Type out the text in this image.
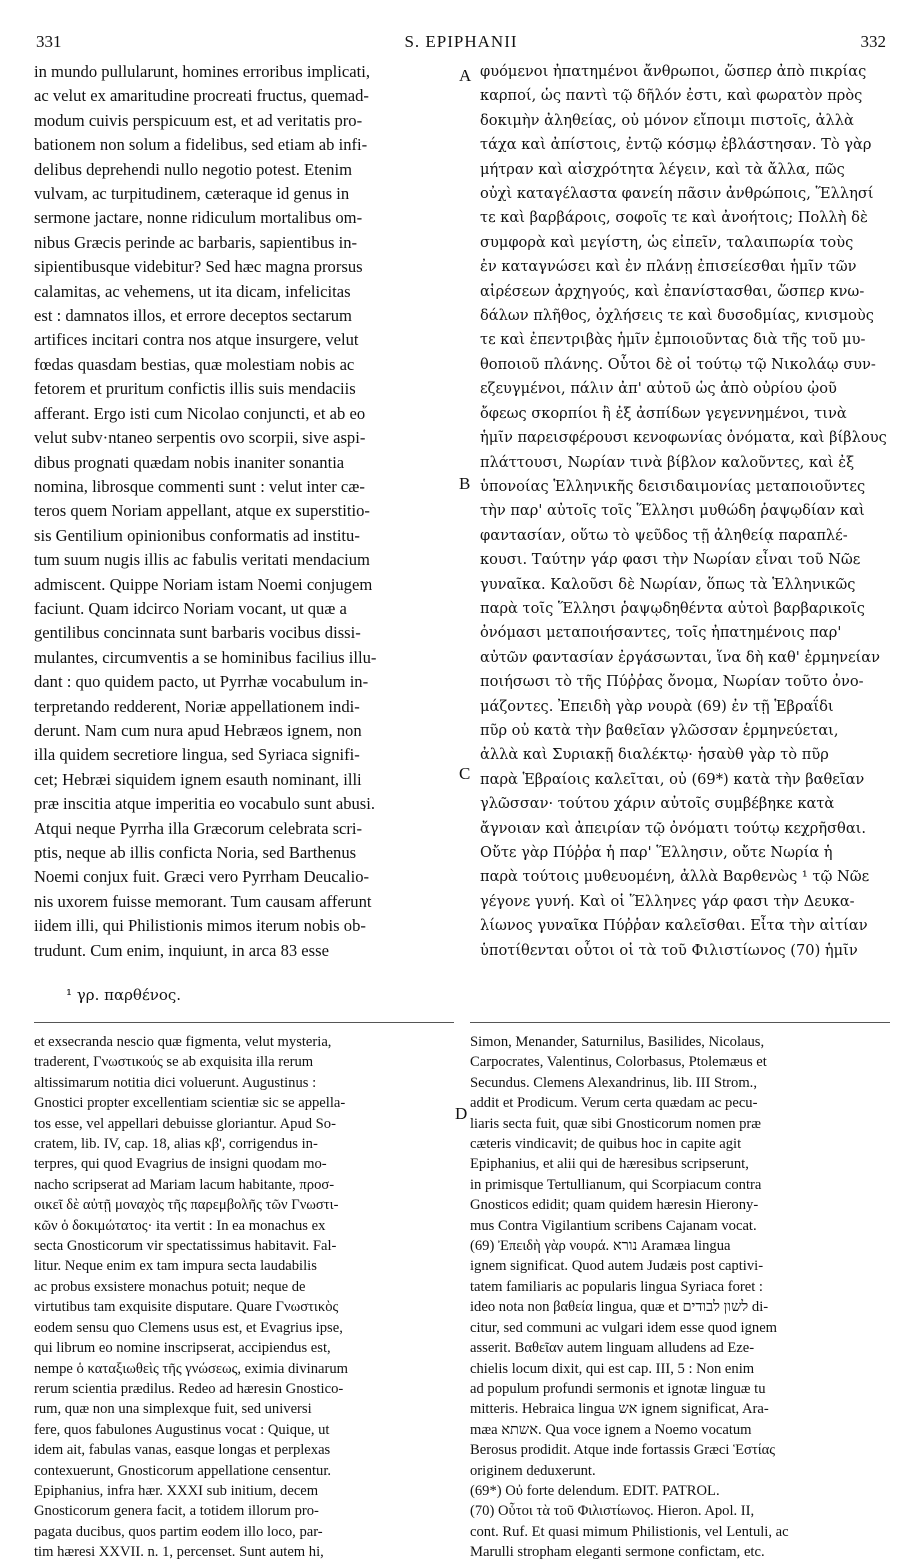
331	S. EPIPHANII	332
in mundo pullularunt, homines erroribus implicati,
ac velut ex amaritudine procreati fructus, quemad-
modum cuivis perspicuum est, et ad veritatis pro-
bationem non solum a fidelibus, sed etiam ab infi-
delibus deprehendi nullo negotio potest. Etenim
vulvam, ac turpitudinem, cæteraque id genus in
sermone jactare, nonne ridiculum mortalibus om-
nibus Græcis perinde ac barbaris, sapientibus in-
sipientibusque videbitur? Sed hæc magna prorsus
calamitas, ac vehemens, ut ita dicam, infelicitas
est : damnatos illos, et errore deceptos sectarum
artifices incitari contra nos atque insurgere, velut
fœdas quasdam bestias, quæ molestiam nobis ac
fetorem et pruritum confictis illis suis mendaciis
afferant. Ergo isti cum Nicolao conjuncti, et ab eo
velut subv·ntaneo serpentis ovo scorpii, sive aspi-
dibus prognati quædam nobis inaniter sonantia
nomina, librosque commenti sunt : velut inter cæ-
teros quem Noriam appellant, atque ex superstitio-
sis Gentilium opinionibus conformatis ad institu-
tum suum nugis illis ac fabulis veritati mendacium
admiscent. Quippe Noriam istam Noemi conjugem
faciunt. Quam idcirco Noriam vocant, ut quæ a
gentilibus concinnata sunt barbaris vocibus dissi-
mulantes, circumventis a se hominibus facilius illu-
dant : quo quidem pacto, ut Pyrrhæ vocabulum in-
terpretando redderent, Noriæ appellationem indi-
derunt. Nam cum nura apud Hebræos ignem, non
illa quidem secretiore lingua, sed Syriaca signifi-
cet; Hebræi siquidem ignem esauth nominant, illi
præ inscitia atque imperitia eo vocabulo sunt abusi.
Atqui neque Pyrrha illa Græcorum celebrata scri-
ptis, neque ab illis conficta Noria, sed Barthenus
Noemi conjux fuit. Græci vero Pyrrham Deucalio-
nis uxorem fuisse memorant. Tum causam afferunt
iidem illi, qui Philistionis mimos iterum nobis ob-
trudunt. Cum enim, inquiunt, in arca 83 esse
φυόμενοι ἠπατημένοι ἄνθρωποι, ὥσπερ ἀπὸ πικρίας
καρποί, ὡς παντὶ τῷ δῆλόν ἐστι, καὶ φωρατὸν πρὸς
δοκιμὴν ἀληθείας, οὐ μόνον εἴποιμι πιστοῖς, ἀλλὰ
τάχα καὶ ἀπίστοις, ἐντῷ κόσμῳ ἐβλάστησαν. Τὸ γὰρ
μήτραν καὶ αἰσχρότητα λέγειν, καὶ τὰ ἄλλα, πῶς
οὐχὶ καταγέλαστα φανείη πᾶσιν ἀνθρώποις, Ἕλλησί
τε καὶ βαρβάροις, σοφοῖς τε καὶ ἀνοήτοις; Πολλὴ δὲ
συμφορὰ καὶ μεγίστη, ὡς εἰπεῖν, ταλαιπωρία τοὺς
ἐν καταγνώσει καὶ ἐν πλάνῃ ἐπισείεσθαι ἡμῖν τῶν
αἱρέσεων ἀρχηγούς, καὶ ἐπανίστασθαι, ὥσπερ κνω-
δάλων πλῆθος, ὀχλήσεις τε καὶ δυσοδμίας, κνισμοὺς
τε καὶ ἐπεντριβὰς ἡμῖν ἐμποιοῦντας διὰ τῆς τοῦ μυ-
θοποιοῦ πλάνης. Οὗτοι δὲ οἱ τούτῳ τῷ Νικολάῳ συν-
εζευγμένοι, πάλιν ἀπ' αὐτοῦ ὡς ἀπὸ οὐρίου ᾠοῦ
ὄφεως σκορπίοι ἢ ἐξ ἀσπίδων γεγεννημένοι, τινὰ
ἡμῖν παρεισφέρουσι κενοφωνίας ὀνόματα, καὶ βίβλους
πλάττουσι, Νωρίαν τινὰ βίβλον καλοῦντες, καὶ ἐξ
ὑπονοίας Ἑλληνικῆς δεισιδαιμονίας μεταποιοῦντες
τὴν παρ' αὐτοῖς τοῖς Ἕλλησι μυθώδη ῥαψῳδίαν καὶ
φαντασίαν, οὕτω τὸ ψεῦδος τῇ ἀληθείᾳ παραπλέ-
κουσι. Ταύτην γάρ φασι τὴν Νωρίαν εἶναι τοῦ Νῶε
γυναῖκα. Καλοῦσι δὲ Νωρίαν, ὅπως τὰ Ἑλληνικῶς
παρὰ τοῖς Ἕλλησι ῥαψῳδηθέντα αὐτοὶ βαρβαρικοῖς
ὀνόμασι μεταποιήσαντες, τοῖς ἠπατημένοις παρ'
αὐτῶν φαντασίαν ἐργάσωνται, ἵνα δὴ καθ' ἑρμηνείαν
ποιήσωσι τὸ τῆς Πύῤῥας ὄνομα, Νωρίαν τοῦτο ὀνο-
μάζοντες. Ἐπειδὴ γὰρ νουρὰ (69) ἐν τῇ Ἑβραΐδι
πῦρ οὐ κατὰ τὴν βαθεῖαν γλῶσσαν ἑρμηνεύεται,
ἀλλὰ καὶ Συριακῇ διαλέκτῳ· ἡσαὺθ γὰρ τὸ πῦρ
παρὰ Ἑβραίοις καλεῖται, οὐ (69*) κατὰ τὴν βαθεῖαν
γλῶσσαν· τούτου χάριν αὐτοῖς συμβέβηκε κατὰ
ἄγνοιαν καὶ ἀπειρίαν τῷ ὀνόματι τούτῳ κεχρῆσθαι.
Οὔτε γὰρ Πύῤῥα ἡ παρ' Ἕλλησιν, οὔτε Νωρία ἡ
παρὰ τούτοις μυθευομένη, ἀλλὰ Βαρθενὼς ¹ τῷ Νῶε
γέγονε γυνή. Καὶ οἱ Ἕλληνες γάρ φασι τὴν Δευκα-
λίωνος γυναῖκα Πύῤῥαν καλεῖσθαι. Εἶτα τὴν αἰτίαν
ὑποτίθενται οὗτοι οἱ τὰ τοῦ Φιλιστίωνος (70) ἡμῖν
A
B
C
D
¹ γρ. παρθένος.
et exsecranda nescio quæ figmenta, velut mysteria,
traderent, Γνωστικούς se ab exquisita illa rerum
altissimarum notitia dici voluerunt. Augustinus :
Gnostici propter excellentiam scientiæ sic se appella-
tos esse, vel appellari debuisse gloriantur. Apud So-
cratem, lib. IV, cap. 18, alias κβ', corrigendus in-
terpres, qui quod Evagrius de insigni quodam mo-
nacho scripserat ad Mariam lacum habitante, προσ-
οικεῖ δὲ αὐτῇ μοναχὸς τῆς παρεμβολῆς τῶν Γνωστι-
κῶν ὁ δοκιμώτατος· ita vertit : In ea monachus ex
secta Gnosticorum vir spectatissimus habitavit. Fal-
litur. Neque enim ex tam impura secta laudabilis
ac probus exsistere monachus potuit; neque de
virtutibus tam exquisite disputare. Quare Γνωστικὸς
eodem sensu quo Clemens usus est, et Evagrius ipse,
qui librum eo nomine inscripserat, accipiendus est,
nempe ὁ καταξιωθεὶς τῆς γνώσεως, eximia divinarum
rerum scientia prædilus. Redeo ad hæresin Gnostico-
rum, quæ non una simplexque fuit, sed universi
fere, quos fabulones Augustinus vocat : Quique, ut
idem ait, fabulas vanas, easque longas et perplexas
contexuerunt, Gnosticorum appellatione censentur.
Epiphanius, infra hær. XXXI sub initium, decem
Gnosticorum genera facit, a totidem illorum pro-
pagata ducibus, quos partim eodem illo loco, par-
tim hæresi XXVII. n. 1, percenset. Sunt autem hi,
Simon, Menander, Saturnilus, Basilides, Nicolaus,
Carpocrates, Valentinus, Colorbasus, Ptolemæus et
Secundus. Clemens Alexandrinus, lib. III Strom.,
addit et Prodicum. Verum certa quædam ac pecu-
liaris secta fuit, quæ sibi Gnosticorum nomen præ
cæteris vindicavit; de quibus hoc in capite agit
Epiphanius, et alii qui de hæresibus scripserunt,
in primisque Tertullianum, qui Scorpiacum contra
Gnosticos edidit; quam quidem hæresin Hierony-
mus Contra Vigilantium scribens Cajanam vocat.
(69) Ἐπειδὴ γὰρ νουρά. נורא Aramæa lingua
ignem significat. Quod autem Judæis post captivi-
tatem familiaris ac popularis lingua Syriaca foret :
ideo nota non βαθεία lingua, quæ et לשון לבודים di-
citur, sed communi ac vulgari idem esse quod ignem
asserit. Βαθεῖαν autem linguam alludens ad Eze-
chielis locum dixit, qui est cap. III, 5 : Non enim
ad populum profundi sermonis et ignotæ linguæ tu
mitteris. Hebraica lingua אש ignem significat, Ara-
mæa אשתא. Qua voce ignem a Noemo vocatum
Berosus prodidit. Atque inde fortassis Græci Ἑστίας
originem deduxerunt.
(69*) Οὐ forte delendum. EDIT. PATROL.
(70) Οὗτοι τὰ τοῦ Φιλιστίωνος. Hieron. Apol. II,
cont. Ruf. Et quasi mimum Philistionis, vel Lentuli, ac
Marulli stropham eleganti sermone confictam, etc.
